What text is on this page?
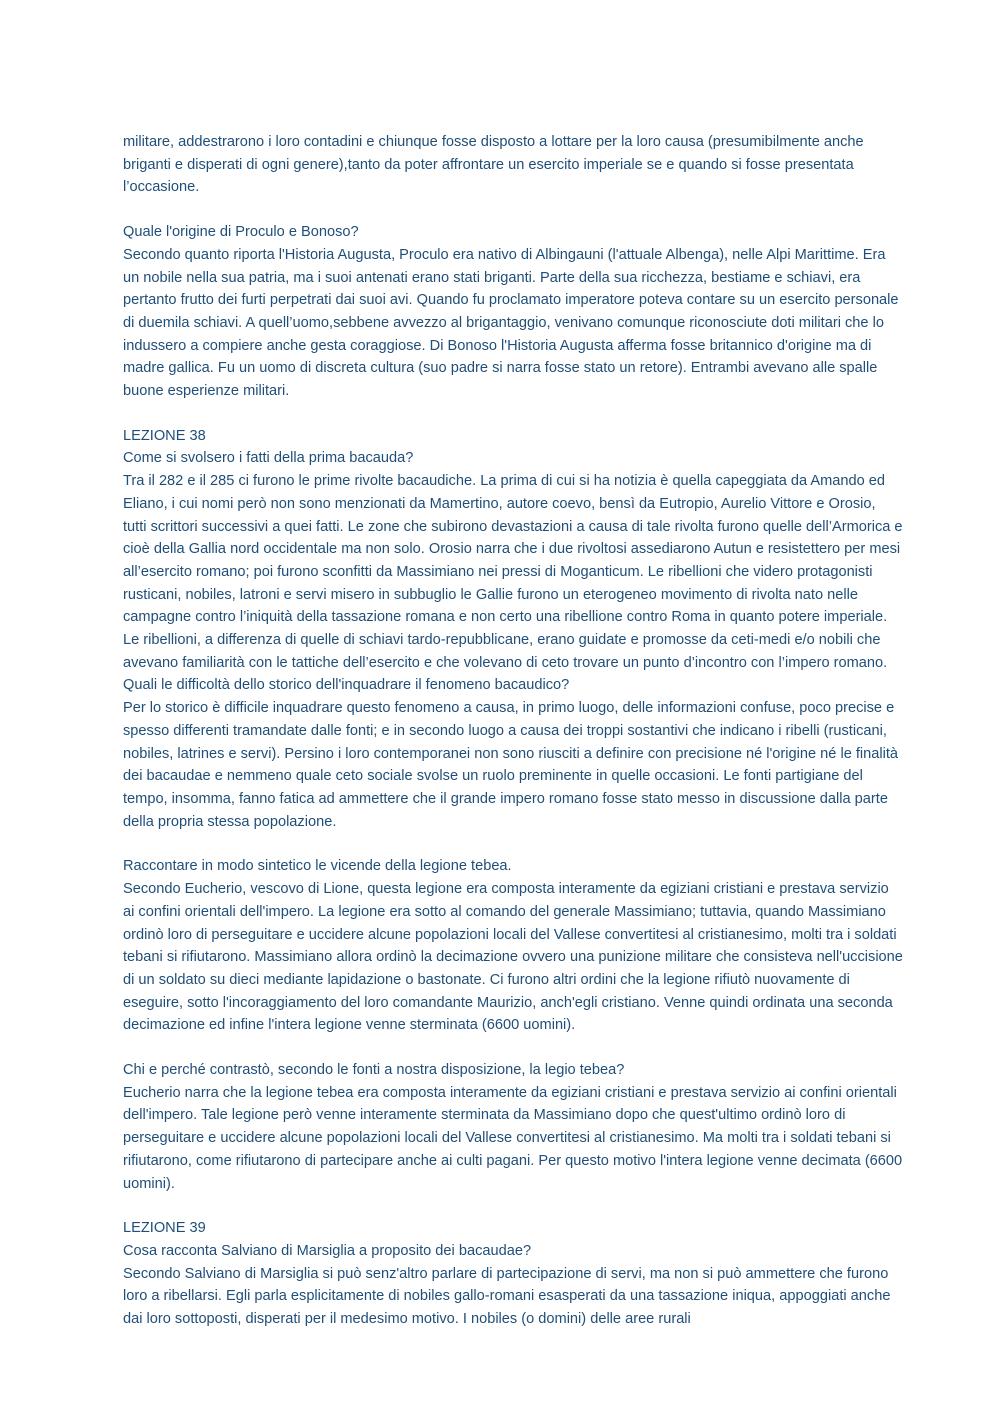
militare, addestrarono i loro contadini e chiunque fosse disposto a lottare per la loro causa (presumibilmente anche briganti e disperati di ogni genere),tanto da poter affrontare un esercito imperiale se e quando si fosse presentata l’occasione.

Quale l'origine di Proculo e Bonoso?

Secondo quanto riporta l'Historia Augusta, Proculo era nativo di Albingauni (l'attuale Albenga), nelle Alpi Marittime. Era un nobile nella sua patria, ma i suoi antenati erano stati briganti. Parte della sua ricchezza, bestiame e schiavi, era pertanto frutto dei furti perpetrati dai suoi avi. Quando fu proclamato imperatore poteva contare su un esercito personale di duemila schiavi. A quell’uomo,sebbene avvezzo al brigantaggio, venivano comunque riconosciute doti militari che lo indussero a compiere anche gesta coraggiose. Di Bonoso l'Historia Augusta afferma fosse britannico d'origine ma di madre gallica. Fu un uomo di discreta cultura (suo padre si narra fosse stato un retore). Entrambi avevano alle spalle buone esperienze militari.

LEZIONE 38

Come si svolsero i fatti della prima bacauda?

Tra il 282 e il 285 ci furono le prime rivolte bacaudiche. La prima di cui si ha notizia è quella capeggiata da Amando ed Eliano, i cui nomi però non sono menzionati da Mamertino, autore coevo, bensì da Eutropio, Aurelio Vittore e Orosio, tutti scrittori successivi a quei fatti. Le zone che subirono devastazioni a causa di tale rivolta furono quelle dell’Armorica e cioè della Gallia nord occidentale ma non solo. Orosio narra che i due rivoltosi assediarono Autun e resistettero per mesi all’esercito romano; poi furono sconfitti da Massimiano nei pressi di Moganticum. Le ribellioni che videro protagonisti rusticani, nobiles, latroni e servi misero in subbuglio le Gallie furono un eterogeneo movimento di rivolta nato nelle campagne contro l’iniquità della tassazione romana e non certo una ribellione contro Roma in quanto potere imperiale. Le ribellioni, a differenza di quelle di schiavi tardo-repubblicane, erano guidate e promosse da ceti-medi e/o nobili che avevano familiarità con le tattiche dell’esercito e che volevano di ceto trovare un punto d’incontro con l’impero romano.

Quali le difficoltà dello storico dell'inquadrare il fenomeno bacaudico?

Per lo storico è difficile inquadrare questo fenomeno a causa, in primo luogo, delle informazioni confuse, poco precise e spesso differenti tramandate dalle fonti; e in secondo luogo a causa dei troppi sostantivi che indicano i ribelli (rusticani, nobiles, latrines e servi). Persino i loro contemporanei non sono riusciti a definire con precisione né l'origine né le finalità dei bacaudae e nemmeno quale ceto sociale svolse un ruolo preminente in quelle occasioni. Le fonti partigiane del tempo, insomma, fanno fatica ad ammettere che il grande impero romano fosse stato messo in discussione dalla parte della propria stessa popolazione.

Raccontare in modo sintetico le vicende della legione tebea.

Secondo Eucherio, vescovo di Lione, questa legione era composta interamente da egiziani cristiani e prestava servizio ai confini orientali dell'impero. La legione era sotto al comando del generale Massimiano; tuttavia, quando Massimiano ordinò loro di perseguitare e uccidere alcune popolazioni locali del Vallese convertitesi al cristianesimo, molti tra i soldati tebani si rifiutarono. Massimiano allora ordinò la decimazione ovvero una punizione militare che consisteva nell'uccisione di un soldato su dieci mediante lapidazione o bastonate. Ci furono altri ordini che la legione rifiutò nuovamente di eseguire, sotto l'incoraggiamento del loro comandante Maurizio, anch'egli cristiano. Venne quindi ordinata una seconda decimazione ed infine l'intera legione venne sterminata (6600 uomini).

Chi e perché contrastò, secondo le fonti a nostra disposizione, la legio tebea?

Eucherio narra che la legione tebea era composta interamente da egiziani cristiani e prestava servizio ai confini orientali dell'impero. Tale legione però venne interamente sterminata da Massimiano dopo che quest'ultimo ordinò loro di perseguitare e uccidere alcune popolazioni locali del Vallese convertitesi al cristianesimo. Ma molti tra i soldati tebani si rifiutarono, come rifiutarono di partecipare anche ai culti pagani. Per questo motivo l'intera legione venne decimata (6600 uomini).

LEZIONE 39

Cosa racconta Salviano di Marsiglia a proposito dei bacaudae?

Secondo Salviano di Marsiglia si può senz'altro parlare di partecipazione di servi, ma non si può ammettere che furono loro a ribellarsi. Egli parla esplicitamente di nobiles gallo-romani esasperati da una tassazione iniqua, appoggiati anche dai loro sottoposti, disperati per il medesimo motivo. I nobiles (o domini) delle aree rurali
